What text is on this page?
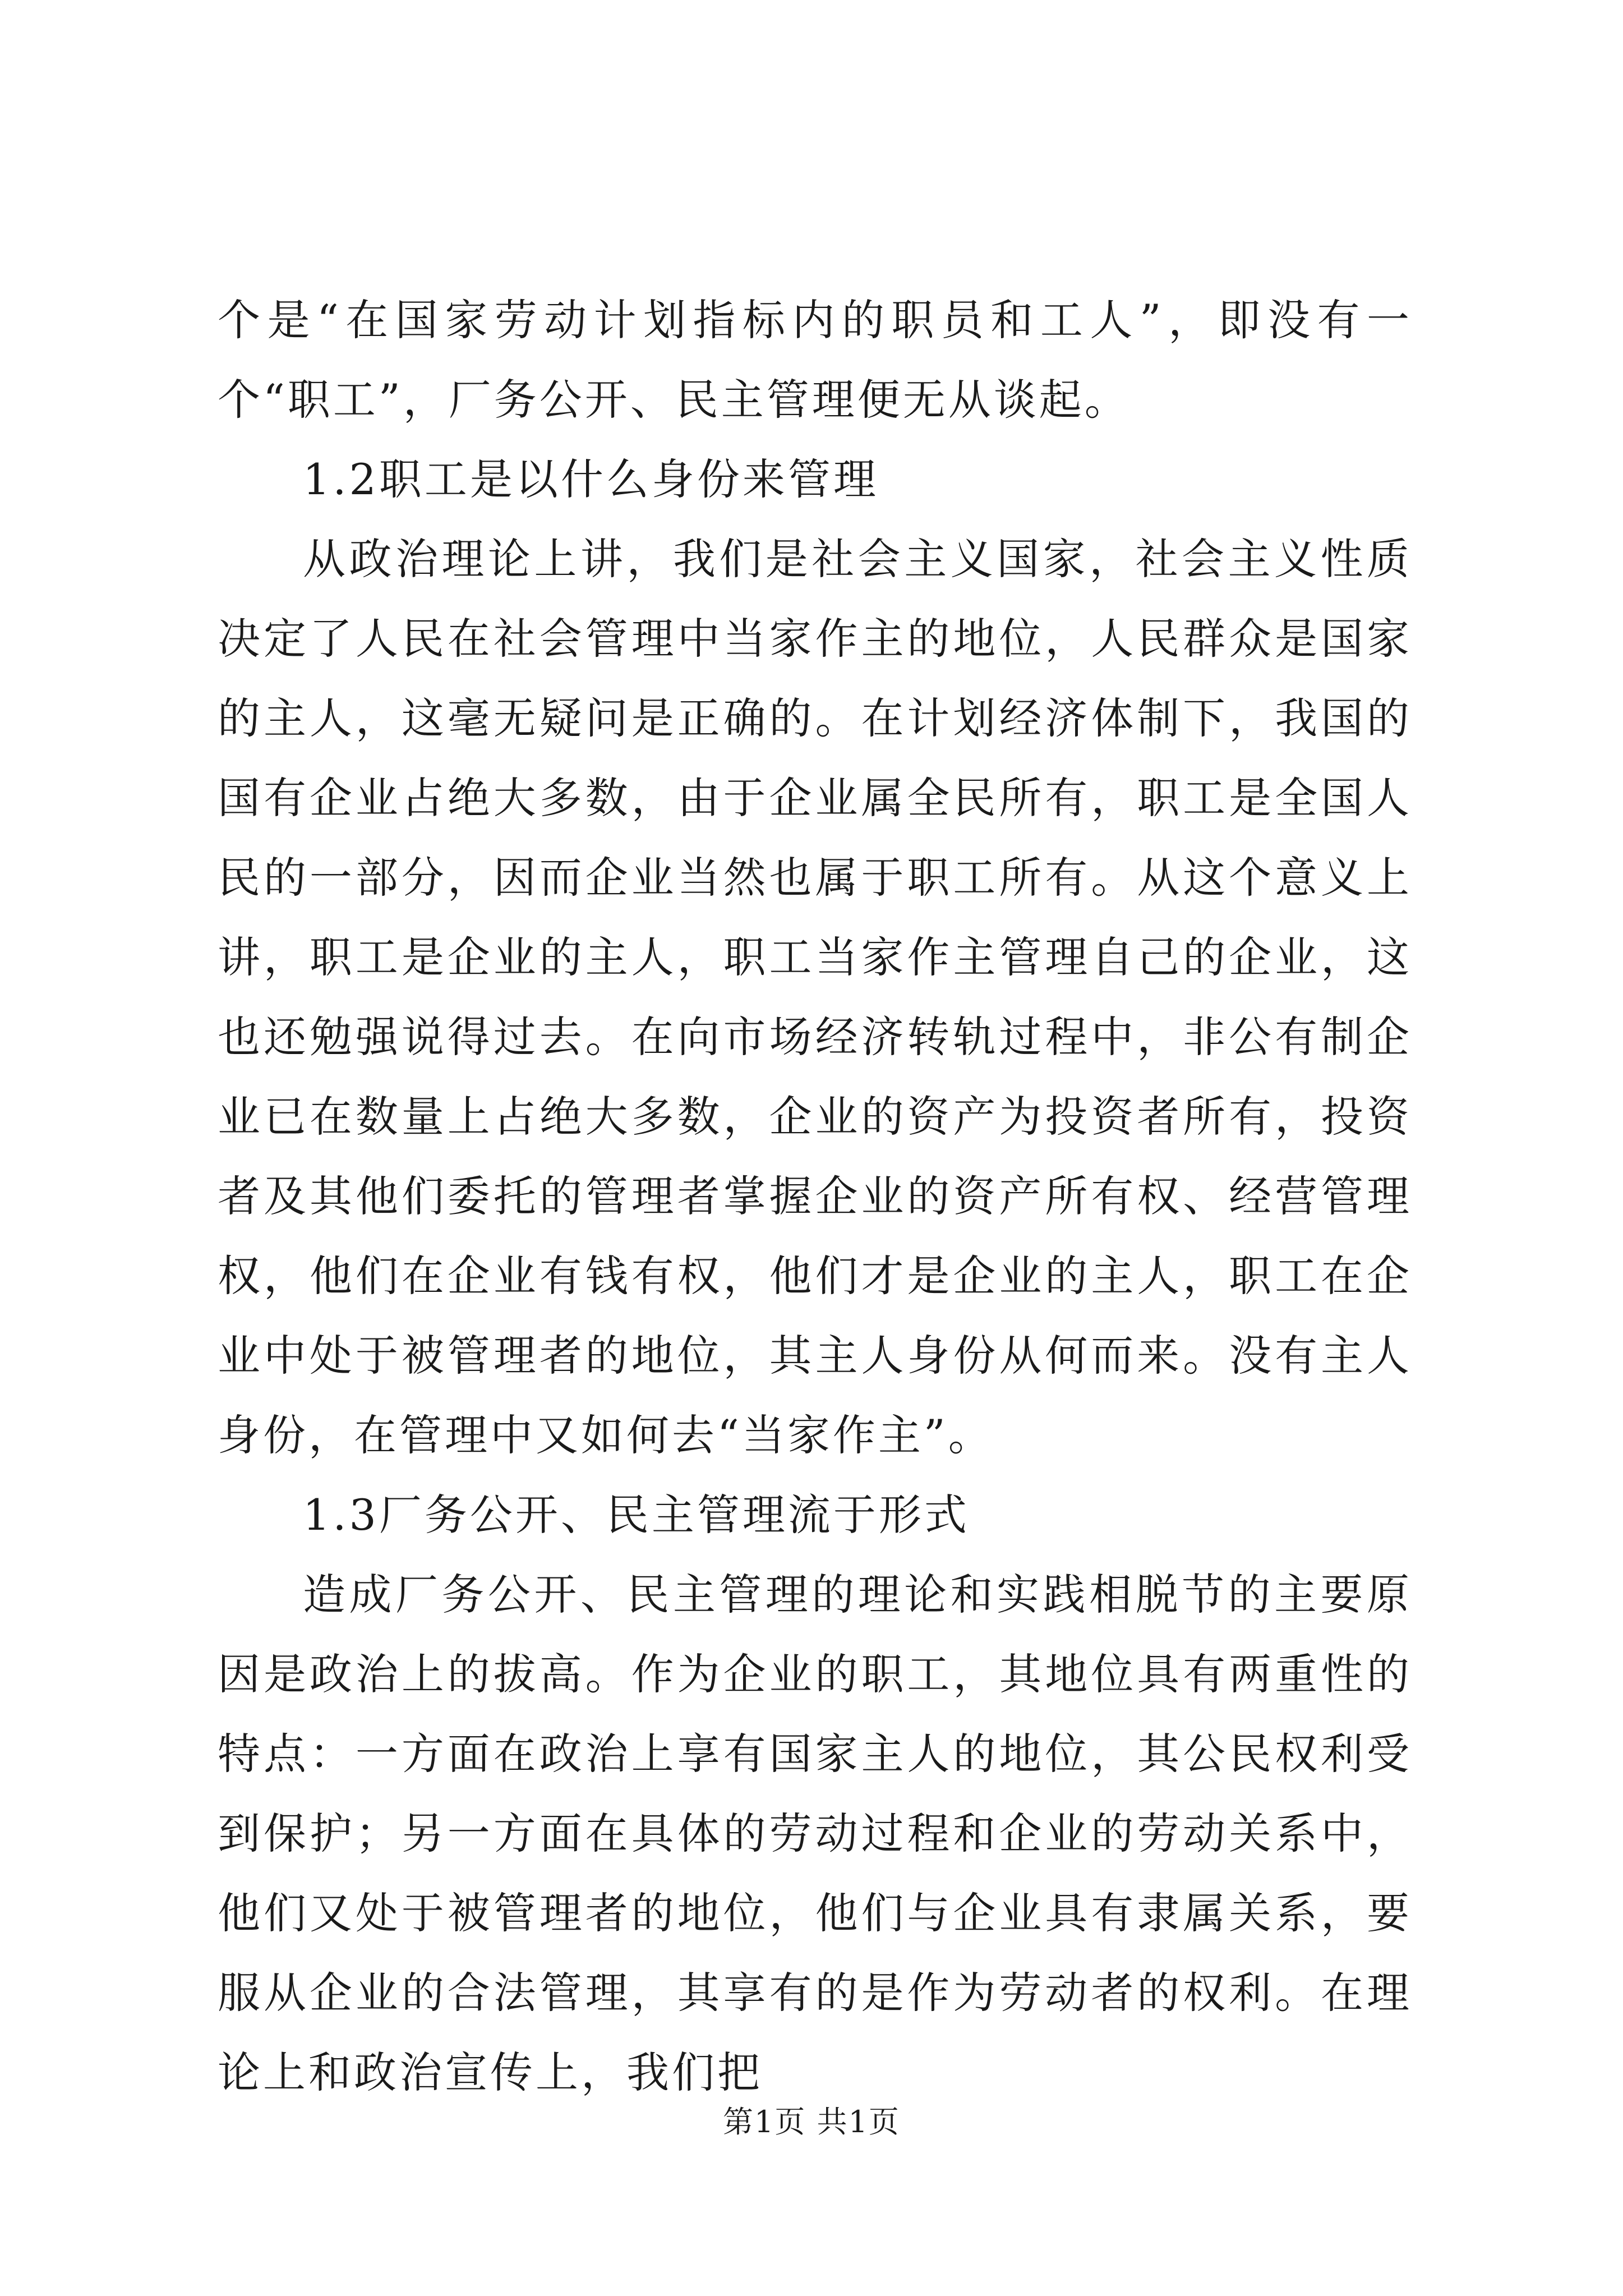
个是“在国家劳动计划指标内的职员和工人”，即没有一个“职工”，厂务公开、民主管理便无从谈起。

1.2职工是以什么身份来管理

从政治理论上讲，我们是社会主义国家，社会主义性质决定了人民在社会管理中当家作主的地位，人民群众是国家的主人，这毫无疑问是正确的。在计划经济体制下，我国的国有企业占绝大多数，由于企业属全民所有，职工是全国人民的一部分，因而企业当然也属于职工所有。从这个意义上讲，职工是企业的主人，职工当家作主管理自己的企业，这也还勉强说得过去。在向市场经济转轨过程中，非公有制企业已在数量上占绝大多数，企业的资产为投资者所有，投资者及其他们委托的管理者掌握企业的资产所有权、经营管理权，他们在企业有钱有权，他们才是企业的主人，职工在企业中处于被管理者的地位，其主人身份从何而来。没有主人身份，在管理中又如何去“当家作主”。

1.3厂务公开、民主管理流于形式

造成厂务公开、民主管理的理论和实践相脱节的主要原因是政治上的拔高。作为企业的职工，其地位具有两重性的特点：一方面在政治上享有国家主人的地位，其公民权利受到保护；另一方面在具体的劳动过程和企业的劳动关系中，他们又处于被管理者的地位，他们与企业具有隶属关系，要服从企业的合法管理，其享有的是作为劳动者的权利。在理论上和政治宣传上，我们把

第1页 共1页
